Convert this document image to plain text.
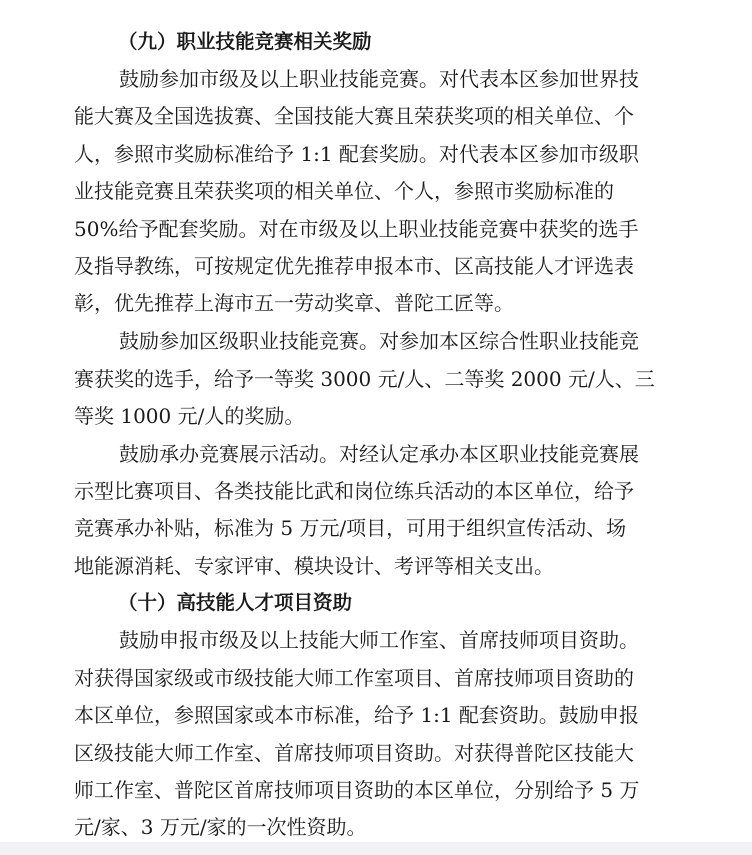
（九）职业技能竞赛相关奖励
鼓励参加市级及以上职业技能竞赛。对代表本区参加世界技
能大赛及全国选拔赛、全国技能大赛且荣获奖项的相关单位、个
人，参照市奖励标准给予 1:1 配套奖励。对代表本区参加市级职
业技能竞赛且荣获奖项的相关单位、个人，参照市奖励标准的
50%给予配套奖励。对在市级及以上职业技能竞赛中获奖的选手
及指导教练，可按规定优先推荐申报本市、区高技能人才评选表
彰，优先推荐上海市五一劳动奖章、普陀工匠等。
鼓励参加区级职业技能竞赛。对参加本区综合性职业技能竞
赛获奖的选手，给予一等奖 3000 元/人、二等奖 2000 元/人、三
等奖 1000 元/人的奖励。
鼓励承办竞赛展示活动。对经认定承办本区职业技能竞赛展
示型比赛项目、各类技能比武和岗位练兵活动的本区单位，给予
竞赛承办补贴，标准为 5 万元/项目，可用于组织宣传活动、场
地能源消耗、专家评审、模块设计、考评等相关支出。
（十）高技能人才项目资助
鼓励申报市级及以上技能大师工作室、首席技师项目资助。
对获得国家级或市级技能大师工作室项目、首席技师项目资助的
本区单位，参照国家或本市标准，给予 1:1 配套资助。鼓励申报
区级技能大师工作室、首席技师项目资助。对获得普陀区技能大
师工作室、普陀区首席技师项目资助的本区单位，分别给予 5 万
元/家、3 万元/家的一次性资助。
